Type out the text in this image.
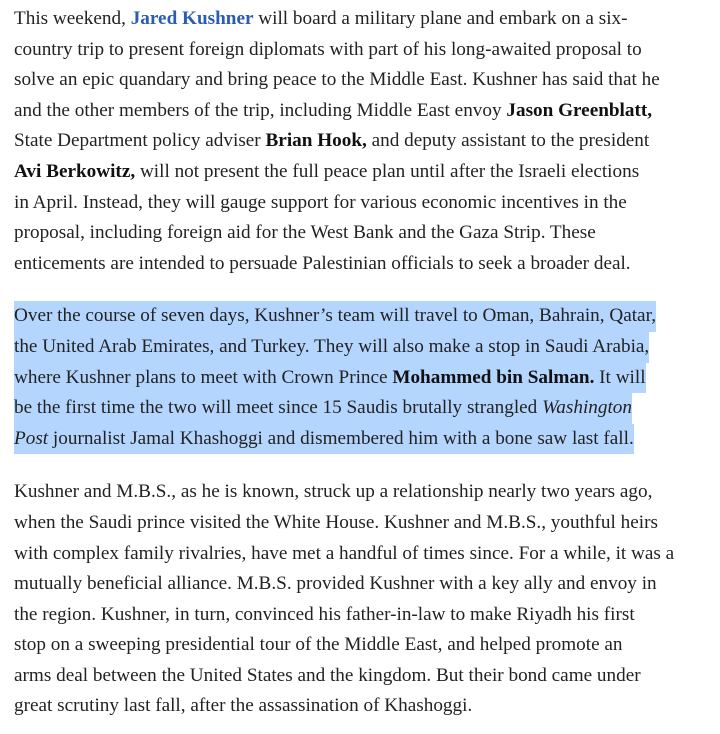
This weekend, Jared Kushner will board a military plane and embark on a six-
country trip to present foreign diplomats with part of his long-awaited proposal to
solve an epic quandary and bring peace to the Middle East. Kushner has said that he
and the other members of the trip, including Middle East envoy Jason Greenblatt,
State Department policy adviser Brian Hook, and deputy assistant to the president
Avi Berkowitz, will not present the full peace plan until after the Israeli elections
in April. Instead, they will gauge support for various economic incentives in the
proposal, including foreign aid for the West Bank and the Gaza Strip. These
enticements are intended to persuade Palestinian officials to seek a broader deal.

Over the course of seven days, Kushner’s team will travel to Oman, Bahrain, Qatar,
the United Arab Emirates, and Turkey. They will also make a stop in Saudi Arabia,
where Kushner plans to meet with Crown Prince Mohammed bin Salman. It will
be the first time the two will meet since 15 Saudis brutally strangled Washington
Post journalist Jamal Khashoggi and dismembered him with a bone saw last fall.

Kushner and M.B.S., as he is known, struck up a relationship nearly two years ago,
when the Saudi prince visited the White House. Kushner and M.B.S., youthful heirs
with complex family rivalries, have met a handful of times since. For a while, it was a
mutually beneficial alliance. M.B.S. provided Kushner with a key ally and envoy in
the region. Kushner, in turn, convinced his father-in-law to make Riyadh his first
stop on a sweeping presidential tour of the Middle East, and helped promote an
arms deal between the United States and the kingdom. But their bond came under
great scrutiny last fall, after the assassination of Khashoggi.
